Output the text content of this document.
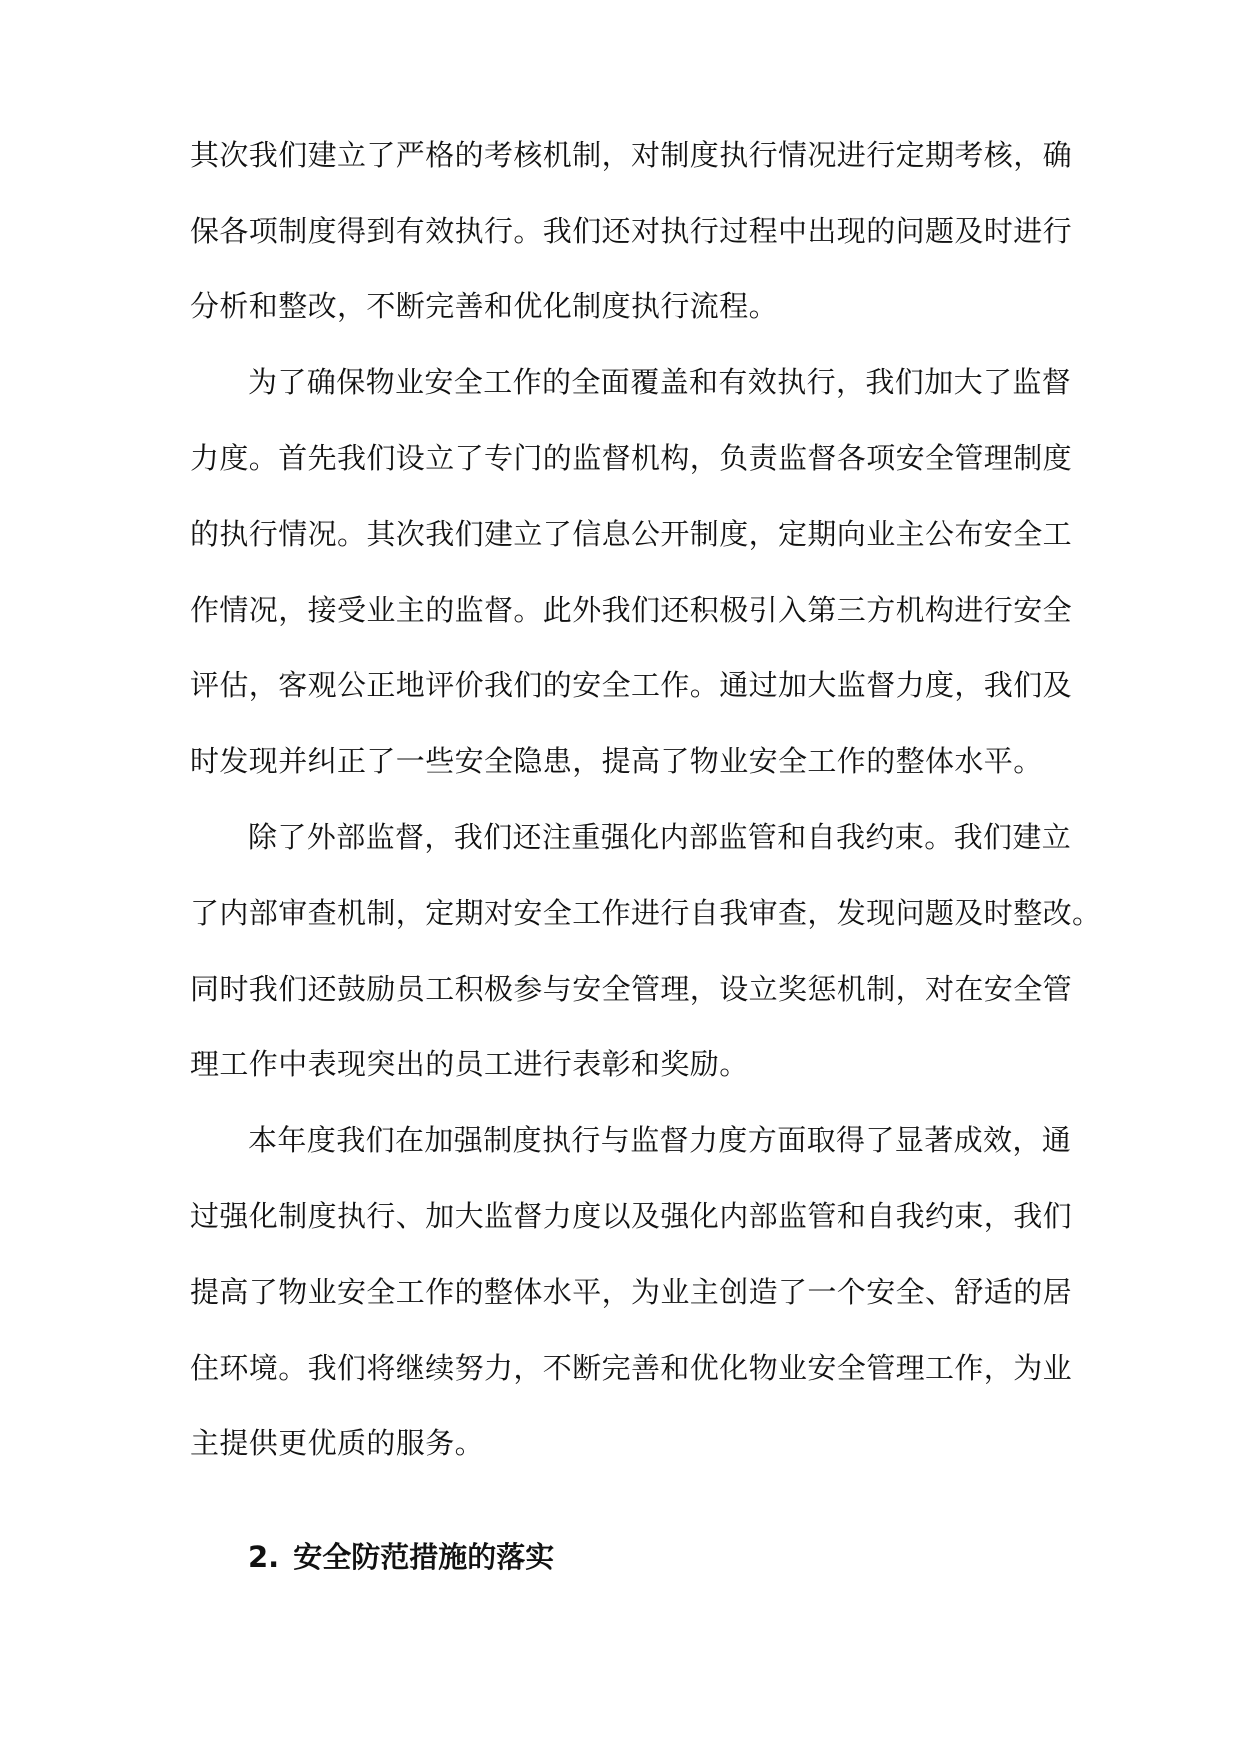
其次我们建立了严格的考核机制，对制度执行情况进行定期考核，确
保各项制度得到有效执行。我们还对执行过程中出现的问题及时进行
分析和整改，不断完善和优化制度执行流程。
为了确保物业安全工作的全面覆盖和有效执行，我们加大了监督
力度。首先我们设立了专门的监督机构，负责监督各项安全管理制度
的执行情况。其次我们建立了信息公开制度，定期向业主公布安全工
作情况，接受业主的监督。此外我们还积极引入第三方机构进行安全
评估，客观公正地评价我们的安全工作。通过加大监督力度，我们及
时发现并纠正了一些安全隐患，提高了物业安全工作的整体水平。
除了外部监督，我们还注重强化内部监管和自我约束。我们建立
了内部审查机制，定期对安全工作进行自我审查，发现问题及时整改。
同时我们还鼓励员工积极参与安全管理，设立奖惩机制，对在安全管
理工作中表现突出的员工进行表彰和奖励。
本年度我们在加强制度执行与监督力度方面取得了显著成效，通
过强化制度执行、加大监督力度以及强化内部监管和自我约束，我们
提高了物业安全工作的整体水平，为业主创造了一个安全、舒适的居
住环境。我们将继续努力，不断完善和优化物业安全管理工作，为业
主提供更优质的服务。
2. 安全防范措施的落实
